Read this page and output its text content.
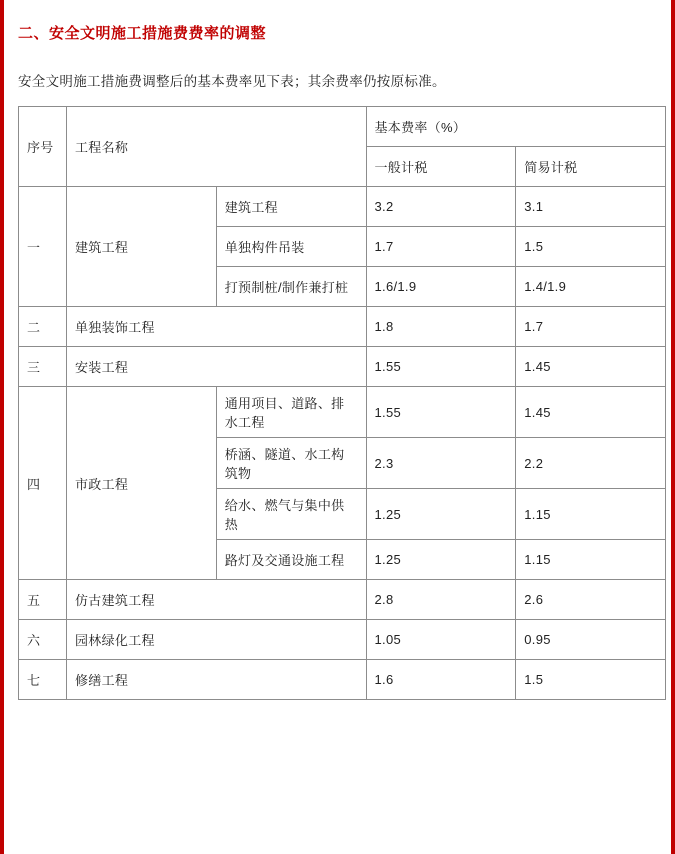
二、安全文明施工措施费费率的调整
安全文明施工措施费调整后的基本费率见下表；其余费率仍按原标准。
序号	工程名称		基本费率（%）	
			一般计税	简易计税
一	建筑工程	建筑工程	3.2	3.1
		单独构件吊装	1.7	1.5
		打预制桩/制作兼打桩	1.6/1.9	1.4/1.9
二	单独装饰工程		1.8	1.7
三	安装工程		1.55	1.45
四	市政工程	通用项目、道路、排水工程	1.55	1.45
		桥涵、隧道、水工构筑物	2.3	2.2
		给水、燃气与集中供热	1.25	1.15
		路灯及交通设施工程	1.25	1.15
五	仿古建筑工程		2.8	2.6
六	园林绿化工程		1.05	0.95
七	修缮工程		1.6	1.5
